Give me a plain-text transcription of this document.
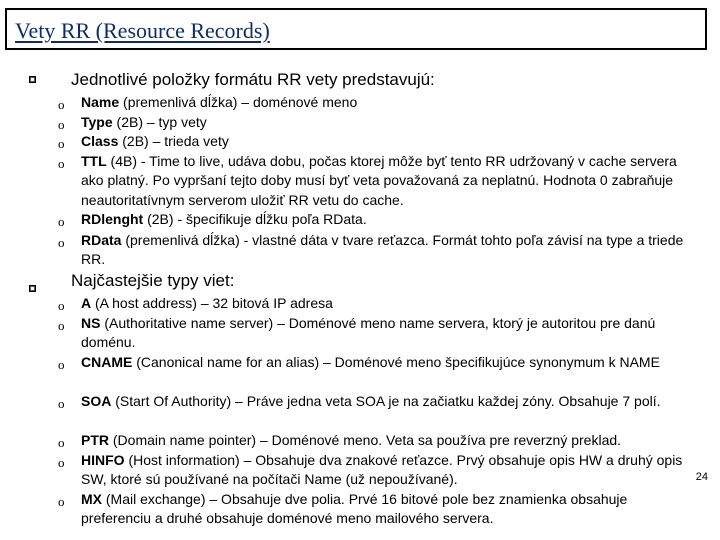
Vety RR (Resource Records)
Jednotlivé položky formátu RR vety predstavujú:
o Name (premenlivá dĺžka) – doménové meno
o Type (2B) – typ vety
o Class (2B) – trieda vety
o TTL (4B) - Time to live, udáva dobu, počas ktorej môže byť tento RR udržovaný v cache servera ako platný. Po vypršaní tejto doby musí byť veta považovaná za neplatnú. Hodnota 0 zabraňuje neautoritatívnym serverom uložiť RR vetu do cache.
o RDlenght (2B) - špecifikuje dĺžku poľa RData.
o RData (premenlivá dĺžka) - vlastné dáta v tvare reťazca. Formát tohto poľa závisí na type a triede RR.
Najčastejšie typy viet:
o A (A host address) – 32 bitová IP adresa
o NS (Authoritative name server) – Doménové meno name servera, ktorý je autoritou pre danú doménu.
o CNAME (Canonical name for an alias) – Doménové meno špecifikujúce synonymum k NAME
o SOA (Start Of Authority) – Práve jedna veta SOA je na začiatku každej zóny. Obsahuje 7 polí.
o PTR (Domain name pointer) – Doménové meno. Veta sa používa pre reverzný preklad.
o HINFO (Host information) – Obsahuje dva znakové reťazce. Prvý obsahuje opis HW a druhý opis SW, ktoré sú používané na počítači Name (už nepoužívané).
o MX (Mail exchange) – Obsahuje dve polia. Prvé 16 bitové pole bez znamienka obsahuje preferenciu a druhé obsahuje doménové meno mailového servera.
24
